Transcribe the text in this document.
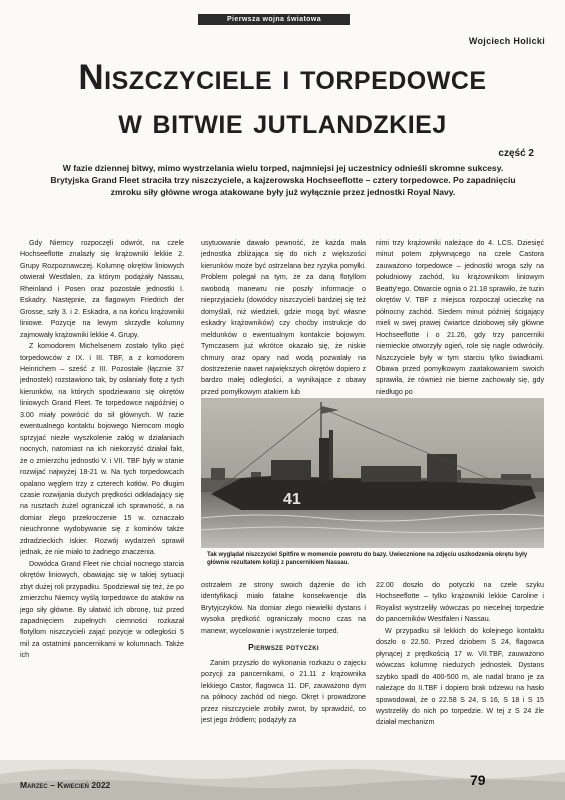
Pierwsza wojna światowa
Wojciech Holicki
Niszczyciele i torpedowce
w bitwie jutlandzkiej
część 2
W fazie dziennej bitwy, mimo wystrzelania wielu torped, najmniejsi jej uczestnicy odnieśli skromne sukcesy. Brytyjska Grand Fleet straciła trzy niszczyciele, a kajzerowska Hochseeflotte – cztery torpedowce. Po zapadnięciu zmroku siły główne wroga atakowane były już wyłącznie przez jednostki Royal Navy.

Gdy Niemcy rozpoczęli odwrót, na czele Hochseeflotte znalazły się krążowniki lekkie 2. Grupy Rozpoznawczej. Kolumnę okrętów liniowych otwierał Westfalen, za którym podążały Nassau, Rheinland i Posen oraz pozostałe jednostki I. Eskadry. Następnie, za flagowym Friedrich der Grosse, szły 3. i 2. Eskadra, a na końcu krążowniki liniowe. Pozycje na lewym skrzydle kolumny zajmowały krążowniki lekkie 4. Grupy.

Z komodorem Michelsenem zostało tylko pięć torpedowców z IX. i III. TBF, a z komodorem Heinrichem – sześć z III. Pozostałe (łącznie 37 jednostek) rozstawiono tak, by osłaniały flotę z tych kierunków, na których spodziewano się okrętów liniowych Grand Fleet. Te torpedowce najpóźniej o 3.00 miały powrócić do sił głównych. W razie ewentualnego kontaktu bojowego Niemcom mogło sprzyjać niezłe wyszkolenie załóg w działaniach nocnych, natomiast na ich niekorzyść działał fakt, że o zmierzchu jednostki V. i VII. TBF były w stanie rozwijać najwyżej 18-21 w. Na tych torpedowcach opalano węglem trzy z czterech kotłów. Po długim czasie rozwijania dużych prędkości odkładający się na rusztach żużel ograniczał ich sprawność, a na domiar złego przekroczenie 15 w. oznaczało nieuchronne wydobywanie się z kominów także zdradzieckich iskier. Rozwój wydarzeń sprawił jednak, że nie miało to żadnego znaczenia.

Dowódca Grand Fleet nie chciał nocnego starcia okrętów liniowych, obawiając się w takiej sytuacji zbyt dużej roli przypadku. Spodziewał się też, że po zmierzchu Niemcy wyślą torpedowce do ataków na jego siły główne. By ułatwić ich obronę, tuż przed zapadnięciem zupełnych ciemności rozkazał flotyllom niszczycieli zająć pozycje w odległości 5 mil za ostatnimi pancernikami w kolumnach. Także ich

usytuowanie dawało pewność, że każda mała jednostka zbliżająca się do nich z większości kierunków może być ostrzelana bez ryzyka pomyłki. Problem polegał na tym, że za daną flotyllom swobodą manewru nie poszły informacje o nieprzyjacielu (dowódcy niszczycieli bardziej się też domyślali, niż wiedzieli, gdzie mogą być własne eskadry krążowników) czy choćby instrukcje do meldunków o ewentualnym kontakcie bojowym. Tymczasem już wkrótce okazało się, że niskie chmury oraz opary nad wodą pozwalały na dostrzeżenie nawet największych okrętów dopiero z bardzo małej odległości, a wynikające z obawy przed pomyłkowym atakiem lub

nimi trzy krążowniki należące do 4. LCS. Dziesięć minut potem zpływnącego na czele Castora zauważono torpedowce – jednostki wroga szły na południowy zachód, ku krążownikom liniowym Beatty'ego. Otwarcie ognia o 21.18 sprawiło, że tuzin okrętów V. TBF z miejsca rozpoczął ucieczkę na północny zachód. Siedem minut później ścigający mieli w swej prawej ćwiartce dziobowej siły główne Hochseeflotte i o 21.26, gdy trzy pancerniki niemieckie otworzyły ogień, role się nagle odwróciły. Niszczyciele były w tym starciu tylko świadkami. Obawa przed pomyłkowym zaatakowaniem swoich sprawiła, że również nie bierne zachowały się, gdy niedługo po

41
Tak wyglądał niszczyciel Spitfire w momencie powrotu do bazy. Uwiecznione na zdjęciu uszkodzenia okrętu były głównie rezultatem kolizji z pancernikiem Nassau.

ostrzałem ze strony swoich dążenie do ich identyfikacji miało fatalne konsekwencje dla Brytyjczyków. Na domiar złego niewielki dystans i wysoka prędkość ograniczały mocno czas na manewr, wycelowanie i wystrzelenie torped.

Pierwsze potyczki

Zanim przyszło do wykonania rozkazu o zajęciu pozycji za pancernikami, o 21.11 z krążownika lekkiego Castor, flagowca 11. DF, zauważono dym na północy zachód od niego. Okręt i prowadzone przez niszczyciele zrobiły zwrot, by sprawdzić, co jest jego źródłem; podążyły za

22.00 doszło do potyczki na czele szyku Hochseeflotte – tylko krążowniki lekkie Caroline i Royalist wystrzeliły wówczas po niecelnej torpedzie do pancerników Westfalen i Nassau.

W przypadku sił lekkich do kolejnego kontaktu doszło o 22.50. Przed dziobem S 24, flagowca płynącej z prędkością 17 w. VII.TBF, zauważono wówczas kolumnę niedużych jednostek. Dystans szybko spadł do 400-500 m, ale nadal brano je za należące do II.TBF i dopiero brak odzewu na hasło spowodował, że o 22.58 S 24, S 16, S 18 i S 15 wystrzeliły do nich po torpedzie. W tej z S 24 źle działał mechanizm

Marzec – Kwiecień 2022	79
